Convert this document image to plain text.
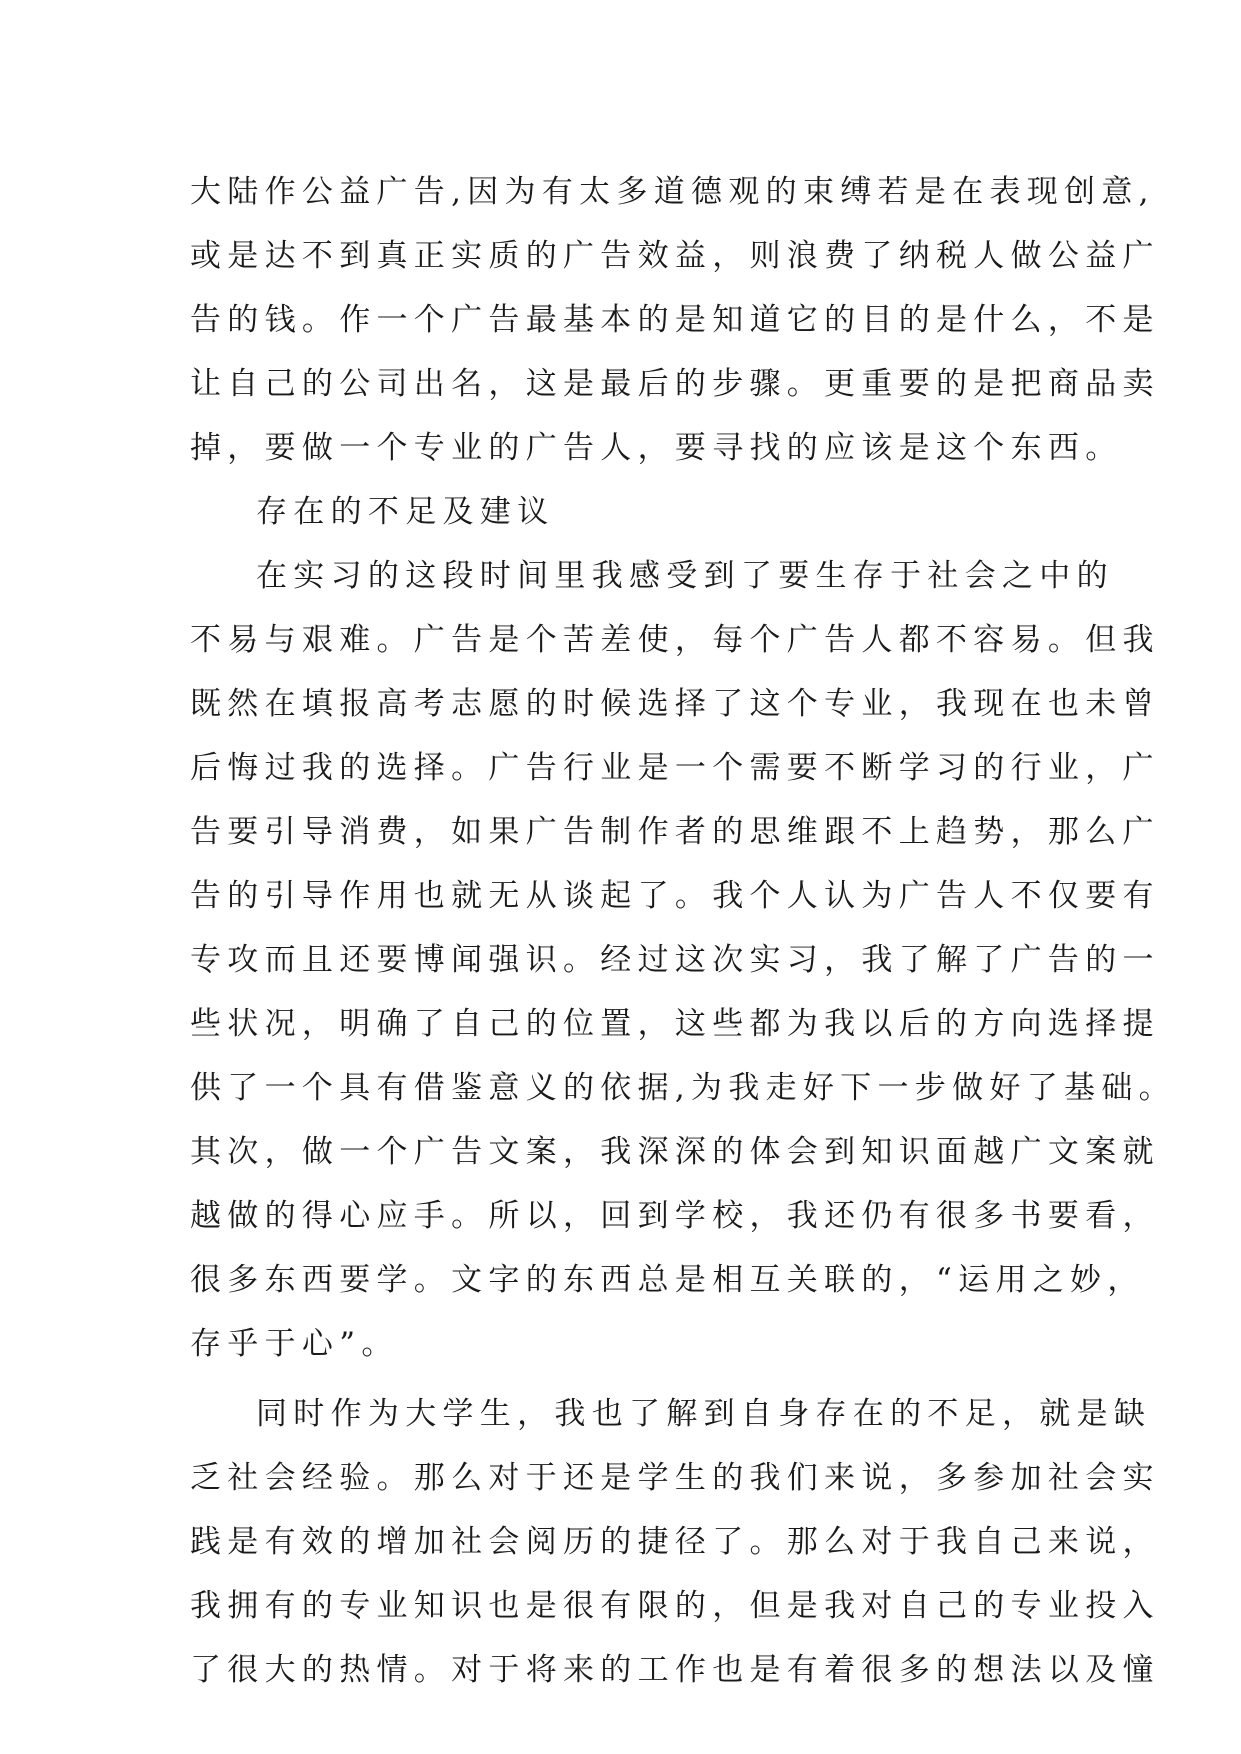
大陆作公益广告,因为有太多道德观的束缚若是在表现创意,
或是达不到真正实质的广告效益，则浪费了纳税人做公益广
告的钱。作一个广告最基本的是知道它的目的是什么，不是
让自己的公司出名，这是最后的步骤。更重要的是把商品卖
掉，要做一个专业的广告人，要寻找的应该是这个东西。
存在的不足及建议
在实习的这段时间里我感受到了要生存于社会之中的
不易与艰难。广告是个苦差使，每个广告人都不容易。但我
既然在填报高考志愿的时候选择了这个专业，我现在也未曾
后悔过我的选择。广告行业是一个需要不断学习的行业，广
告要引导消费，如果广告制作者的思维跟不上趋势，那么广
告的引导作用也就无从谈起了。我个人认为广告人不仅要有
专攻而且还要博闻强识。经过这次实习，我了解了广告的一
些状况，明确了自己的位置，这些都为我以后的方向选择提
供了一个具有借鉴意义的依据,为我走好下一步做好了基础。
其次，做一个广告文案，我深深的体会到知识面越广文案就
越做的得心应手。所以，回到学校，我还仍有很多书要看，
很多东西要学。文字的东西总是相互关联的，“运用之妙，
存乎于心”。
同时作为大学生，我也了解到自身存在的不足，就是缺
乏社会经验。那么对于还是学生的我们来说，多参加社会实
践是有效的增加社会阅历的捷径了。那么对于我自己来说，
我拥有的专业知识也是很有限的，但是我对自己的专业投入
了很大的热情。对于将来的工作也是有着很多的想法以及憧
